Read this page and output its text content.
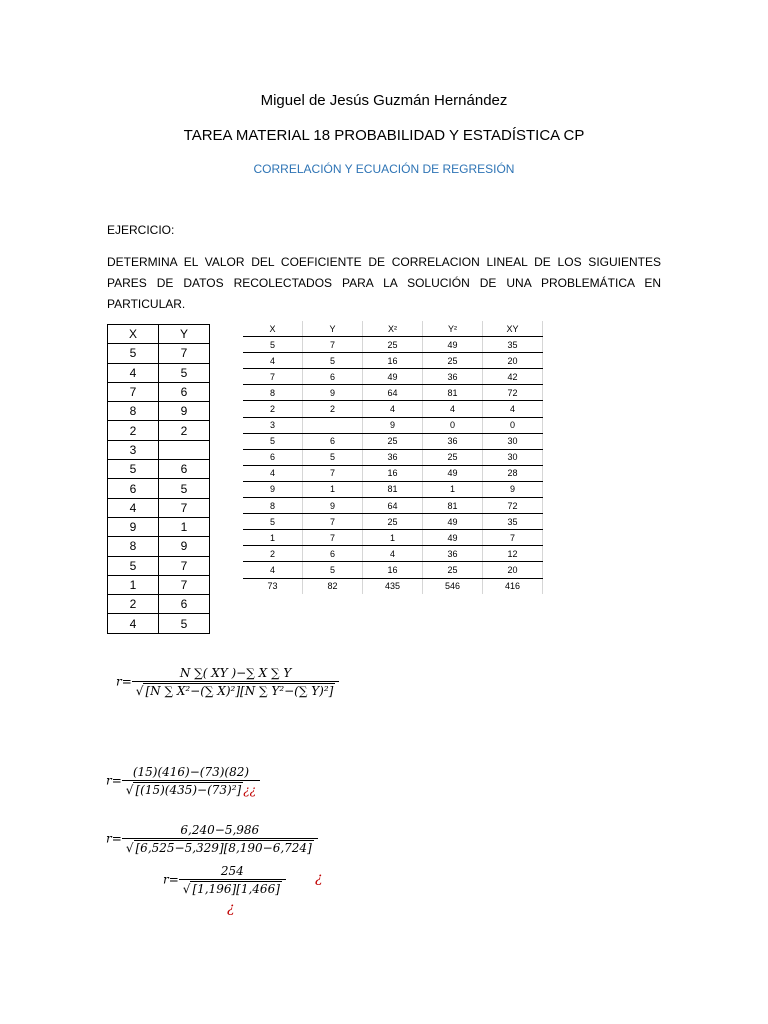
Miguel de Jesús Guzmán Hernández
TAREA MATERIAL 18 PROBABILIDAD Y ESTADÍSTICA CP
CORRELACIÓN Y ECUACIÓN DE REGRESIÓN
EJERCICIO:
DETERMINA EL VALOR DEL COEFICIENTE DE CORRELACION LINEAL DE LOS SIGUIENTES PARES DE DATOS RECOLECTADOS PARA LA SOLUCIÓN DE UNA PROBLEMÁTICA EN PARTICULAR.
X	Y
5	7
4	5
7	6
8	9
2	2
3	
5	6
6	5
4	7
9	1
8	9
5	7
1	7
2	6
4	5
X	Y	X²	Y²	XY
5	7	25	49	35
4	5	16	25	20
7	6	49	36	42
8	9	64	81	72
2	2	4	4	4
3		9	0	0
5	6	25	36	30
6	5	36	25	30
4	7	16	49	28
9	1	81	1	9
8	9	64	81	72
5	7	25	49	35
1	7	1	49	7
2	6	4	36	12
4	5	16	25	20
73	82	435	546	416
$r= \frac{N \sum( XY )-\sum X \sum Y}{\text{√ [N ∑ X²−(∑ X)²][N ∑ Y²−(∑ Y)²]}}$
$r= \frac{(15)(416)-(73)(82)}{\text{√ [(15)(435)−(73)²] ¿¿}}$
$r= \frac{6,240-5,986}{√ [6,525-5,329][8,190-6,724]}$
$r= \frac{254}{√ [1,196][1,466]}$ ¿
¿
